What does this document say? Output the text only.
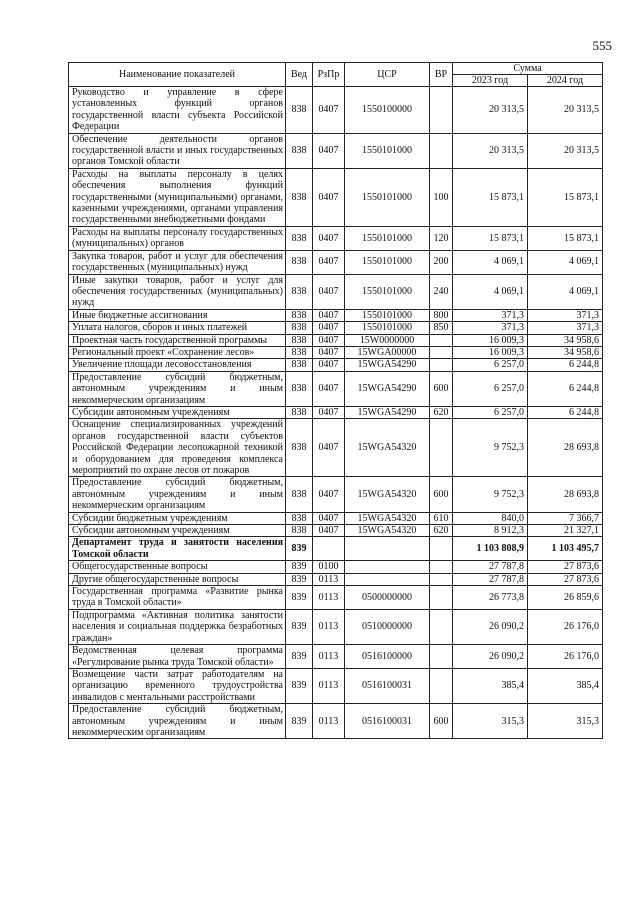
555
Наименование показателей	Вед	РзПр	ЦСР	ВР	Сумма	
					2023 год	2024 год
Руководство и управление в сфере установленных функций органов государственной власти субъекта Российской Федерации	838	0407	1550100000		20 313,5	20 313,5
Обеспечение деятельности органов государственной власти и иных государственных органов Томской области	838	0407	1550101000		20 313,5	20 313,5
Расходы на выплаты персоналу в целях обеспечения выполнения функций государственными (муниципальными) органами, казенными учреждениями, органами управления государственными внебюджетными фондами	838	0407	1550101000	100	15 873,1	15 873,1
Расходы на выплаты персоналу государственных (муниципальных) органов	838	0407	1550101000	120	15 873,1	15 873,1
Закупка товаров, работ и услуг для обеспечения государственных (муниципальных) нужд	838	0407	1550101000	200	4 069,1	4 069,1
Иные закупки товаров, работ и услуг для обеспечения государственных (муниципальных) нужд	838	0407	1550101000	240	4 069,1	4 069,1
Иные бюджетные ассигнования	838	0407	1550101000	800	371,3	371,3
Уплата налогов, сборов и иных платежей	838	0407	1550101000	850	371,3	371,3
Проектная часть государственной программы	838	0407	15W0000000		16 009,3	34 958,6
Региональный проект «Сохранение лесов»	838	0407	15WGA00000		16 009,3	34 958,6
Увеличение площади лесовосстановления	838	0407	15WGA54290		6 257,0	6 244,8
Предоставление субсидий бюджетным, автономным учреждениям и иным некоммерческим организациям	838	0407	15WGA54290	600	6 257,0	6 244,8
Субсидии автономным учреждениям	838	0407	15WGA54290	620	6 257,0	6 244,8
Оснащение специализированных учреждений органов государственной власти субъектов Российской Федерации лесопожарной техникой и оборудованием для проведения комплекса мероприятий по охране лесов от пожаров	838	0407	15WGA54320		9 752,3	28 693,8
Предоставление субсидий бюджетным, автономным учреждениям и иным некоммерческим организациям	838	0407	15WGA54320	600	9 752,3	28 693,8
Субсидии бюджетным учреждениям	838	0407	15WGA54320	610	840,0	7 366,7
Субсидии автономным учреждениям	838	0407	15WGA54320	620	8 912,3	21 327,1
Департамент труда и занятости населения Томской области	839				1 103 808,9	1 103 495,7
Общегосударственные вопросы	839	0100			27 787,8	27 873,6
Другие общегосударственные вопросы	839	0113			27 787,8	27 873,6
Государственная программа «Развитие рынка труда в Томской области»	839	0113	0500000000		26 773,8	26 859,6
Подпрограмма «Активная политика занятости населения и социальная поддержка безработных граждан»	839	0113	0510000000		26 090,2	26 176,0
Ведомственная целевая программа «Регулирование рынка труда Томской области»	839	0113	0516100000		26 090,2	26 176,0
Возмещение части затрат работодателям на организацию временного трудоустройства инвалидов с ментальными расстройствами	839	0113	0516100031		385,4	385,4
Предоставление субсидий бюджетным, автономным учреждениям и иным некоммерческим организациям	839	0113	0516100031	600	315,3	315,3
